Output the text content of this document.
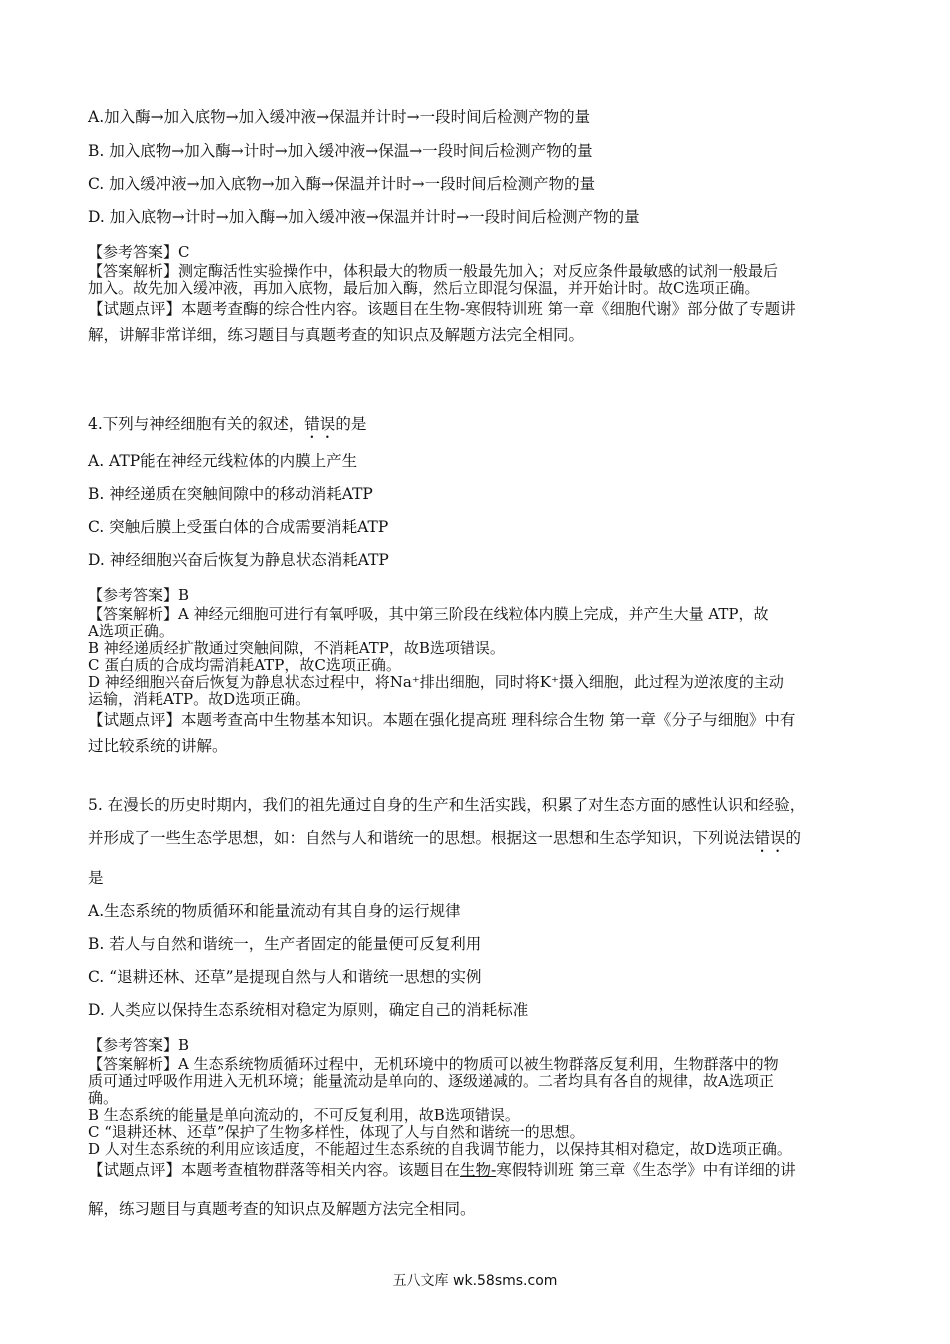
A.加入酶→加入底物→加入缓冲液→保温并计时→一段时间后检测产物的量
B. 加入底物→加入酶→计时→加入缓冲液→保温→一段时间后检测产物的量
C. 加入缓冲液→加入底物→加入酶→保温并计时→一段时间后检测产物的量
D. 加入底物→计时→加入酶→加入缓冲液→保温并计时→一段时间后检测产物的量
【参考答案】C
【答案解析】测定酶活性实验操作中，体积最大的物质一般最先加入；对反应条件最敏感的试剂一般最后
加入。故先加入缓冲液，再加入底物，最后加入酶，然后立即混匀保温，并开始计时。故C选项正确。
【试题点评】本题考查酶的综合性内容。该题目在生物-寒假特训班 第一章《细胞代谢》部分做了专题讲
解，讲解非常详细，练习题目与真题考查的知识点及解题方法完全相同。
4.下列与神经细胞有关的叙述，错误的是
A. ATP能在神经元线粒体的内膜上产生
B. 神经递质在突触间隙中的移动消耗ATP
C. 突触后膜上受蛋白体的合成需要消耗ATP
D. 神经细胞兴奋后恢复为静息状态消耗ATP
【参考答案】B
【答案解析】A 神经元细胞可进行有氧呼吸，其中第三阶段在线粒体内膜上完成，并产生大量 ATP，故
A选项正确。
B 神经递质经扩散通过突触间隙，不消耗ATP，故B选项错误。
C 蛋白质的合成均需消耗ATP，故C选项正确。
D 神经细胞兴奋后恢复为静息状态过程中，将Na⁺排出细胞，同时将K⁺摄入细胞，此过程为逆浓度的主动
运输，消耗ATP。故D选项正确。
【试题点评】本题考查高中生物基本知识。本题在强化提高班 理科综合生物 第一章《分子与细胞》中有
过比较系统的讲解。
5. 在漫长的历史时期内，我们的祖先通过自身的生产和生活实践，积累了对生态方面的感性认识和经验，
并形成了一些生态学思想，如：自然与人和谐统一的思想。根据这一思想和生态学知识，下列说法错误的
是
A.生态系统的物质循环和能量流动有其自身的运行规律
B. 若人与自然和谐统一，生产者固定的能量便可反复利用
C. “退耕还林、还草”是提现自然与人和谐统一思想的实例
D. 人类应以保持生态系统相对稳定为原则，确定自己的消耗标准
【参考答案】B
【答案解析】A 生态系统物质循环过程中，无机环境中的物质可以被生物群落反复利用，生物群落中的物
质可通过呼吸作用进入无机环境；能量流动是单向的、逐级递减的。二者均具有各自的规律，故A选项正
确。
B 生态系统的能量是单向流动的，不可反复利用，故B选项错误。
C “退耕还林、还草”保护了生物多样性，体现了人与自然和谐统一的思想。
D 人对生态系统的利用应该适度，不能超过生态系统的自我调节能力，以保持其相对稳定，故D选项正确。
【试题点评】本题考查植物群落等相关内容。该题目在生物-寒假特训班 第三章《生态学》中有详细的讲
解，练习题目与真题考查的知识点及解题方法完全相同。
五八文库 wk.58sms.com
